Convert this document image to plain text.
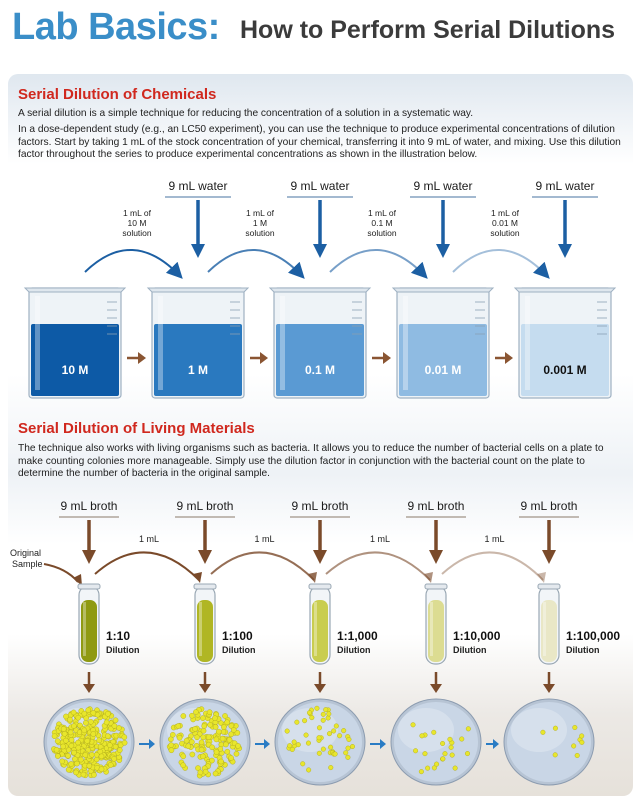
Lab Basics: How to Perform Serial Dilutions
Serial Dilution of Chemicals
A serial dilution is a simple technique for reducing the concentration of a solution in a systematic way.
In a dose-dependent study (e.g., an LC50 experiment), you can use the technique to produce experimental concentrations of dilution factors. Start by taking 1 mL of the stock concentration of your chemical, transferring it into 9 mL of water, and mixing. Use this dilution factor throughout the series to produce experimental concentrations as shown in the illustration below.
9 mL water	9 mL water	9 mL water	9 mL water
1 mL of
10 M
solution
1 mL of
1 M
solution
1 mL of
0.1 M
solution
1 mL of
0.01 M
solution
10 M	1 M	0.1 M	0.01 M	0.001 M
Serial Dilution of Living Materials
The technique also works with living organisms such as bacteria. It allows you to reduce the number of bacterial cells on a plate to make counting colonies more manageable. Simply use the dilution factor in conjunction with the bacterial count on the plate to determine the number of bacteria in the original sample.
9 mL broth	9 mL broth	9 mL broth	9 mL broth	9 mL broth
Original
Sample
1 mL	1 mL	1 mL	1 mL
1:10
Dilution
1:100
Dilution
1:1,000
Dilution
1:10,000
Dilution
1:100,000
Dilution
